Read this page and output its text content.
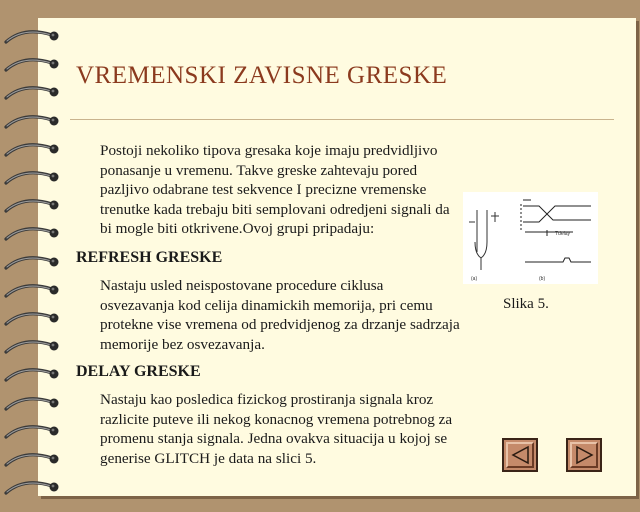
VREMENSKI ZAVISNE GRESKE
Postoji nekoliko tipova gresaka koje imaju predvidljivo ponasanje u vremenu. Takve greske zahtevaju pored pazljivo odabrane test sekvence I precizne vremenske trenutke kada trebaju biti semplovani odredjeni signali da bi mogle biti otkrivene.Ovoj grupi pripadaju:
REFRESH GRESKE
Nastaju usled neispostovane procedure ciklusa osvezavanja kod celija dinamickih memorija, pri cemu protekne vise vremena od predvidjenog za drzanje sadrzaja memorije bez osvezavanja.
DELAY GRESKE
Nastaju kao posledica fizickog prostiranja signala kroz razlicite puteve ili nekog konacnog vremena potrebnog za promenu stanja signala. Jedna ovakva situacija u kojoj se generise GLITCH je data na slici 5.
(a)
Tdelay
(b)
Slika 5.
